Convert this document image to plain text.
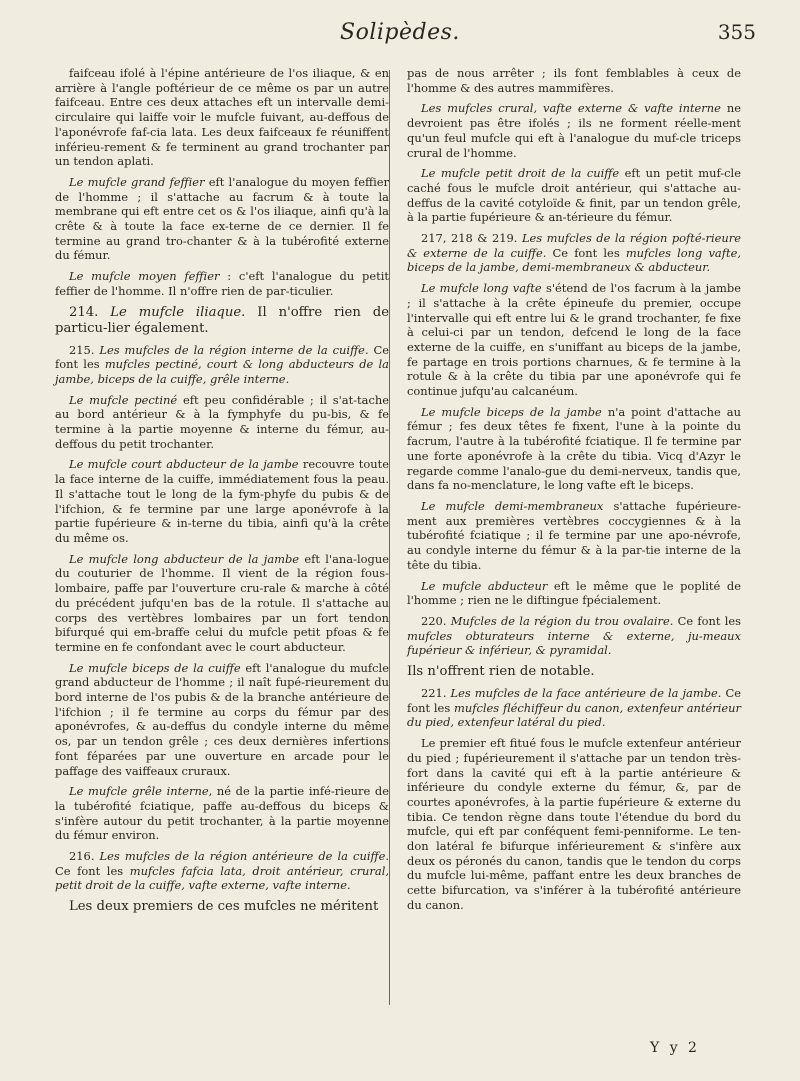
Solipèdes.	355

faifceau ifolé à l'épine antérieure de l'os iliaque, & en arrière à l'angle poftérieur de ce même os par un autre faifceau. Entre ces deux attaches eft un intervalle demi-circulaire qui laiffe voir le mufcle fuivant, au-deffous de l'aponévrofe faf-cia lata. Les deux faifceaux fe réuniffent inférieu-rement & fe terminent au grand trochanter par un tendon aplati.

Le mufcle grand feffier eft l'analogue du moyen feffier de l'homme ; il s'attache au facrum & à toute la membrane qui eft entre cet os & l'os iliaque, ainfi qu'à la crête & à toute la face ex-terne de ce dernier. Il fe termine au grand tro-chanter & à la tubérofité externe du fémur.

Le mufcle moyen feffier : c'eft l'analogue du petit feffier de l'homme. Il n'offre rien de par-ticulier.

214. Le mufcle iliaque. Il n'offre rien de particu-lier également.

215. Les mufcles de la région interne de la cuiffe. Ce font les mufcles pectiné, court & long abducteurs de la jambe, biceps de la cuiffe, grêle interne.

Le mufcle pectiné eft peu confidérable ; il s'at-tache au bord antérieur & à la fymphyfe du pu-bis, & fe termine à la partie moyenne & interne du fémur, au-deffous du petit trochanter.

Le mufcle court abducteur de la jambe recouvre toute la face interne de la cuiffe, immédiatement fous la peau. Il s'attache tout le long de la fym-phyfe du pubis & de l'ifchion, & fe termine par une large aponévrofe à la partie fupérieure & in-terne du tibia, ainfi qu'à la crête du même os.

Le mufcle long abducteur de la jambe eft l'ana-logue du couturier de l'homme. Il vient de la région fous-lombaire, paffe par l'ouverture cru-rale & marche à côté du précédent jufqu'en bas de la rotule. Il s'attache au corps des vertèbres lombaires par un fort tendon bifurqué qui em-braffe celui du mufcle petit pfoas & fe termine en fe confondant avec le court abducteur.

Le mufcle biceps de la cuiffe eft l'analogue du mufcle grand abducteur de l'homme ; il naît fupé-rieurement du bord interne de l'os pubis & de la branche antérieure de l'ifchion ; il fe termine au corps du fémur par des aponévrofes, & au-deffus du condyle interne du même os, par un tendon grêle ; ces deux dernières infertions font féparées par une ouverture en arcade pour le paffage des vaiffeaux cruraux.

Le mufcle grêle interne, né de la partie infé-rieure de la tubérofité fciatique, paffe au-deffous du biceps & s'infère autour du petit trochanter, à la partie moyenne du fémur environ.

216. Les mufcles de la région antérieure de la cuiffe. Ce font les mufcles fafcia lata, droit antérieur, crural, petit droit de la cuiffe, vafte externe, vafte interne.

Les deux premiers de ces mufcles ne méritent

pas de nous arrêter ; ils font femblables à ceux de l'homme & des autres mammifères.

Les mufcles crural, vafte externe & vafte interne ne devroient pas être ifolés ; ils ne forment réelle-ment qu'un feul mufcle qui eft à l'analogue du muf-cle triceps crural de l'homme.

Le mufcle petit droit de la cuiffe eft un petit muf-cle caché fous le mufcle droit antérieur, qui s'attache au-deffus de la cavité cotyloïde & finit, par un tendon grêle, à la partie fupérieure & an-térieure du fémur.

217, 218 & 219. Les mufcles de la région pofté-rieure & externe de la cuiffe. Ce font les mufcles long vafte, biceps de la jambe, demi-membraneux & abducteur.

Le mufcle long vafte s'étend de l'os facrum à la jambe ; il s'attache à la crête épineufe du premier, occupe l'intervalle qui eft entre lui & le grand trochanter, fe fixe à celui-ci par un tendon, defcend le long de la face externe de la cuiffe, en s'uniffant au biceps de la jambe, fe partage en trois portions charnues, & fe termine à la rotule & à la crête du tibia par une aponévrofe qui fe continue jufqu'au calcanéum.

Le mufcle biceps de la jambe n'a point d'attache au fémur ; fes deux têtes fe fixent, l'une à la pointe du facrum, l'autre à la tubérofité fciatique. Il fe termine par une forte aponévrofe à la crête du tibia. Vicq d'Azyr le regarde comme l'analo-gue du demi-nerveux, tandis que, dans fa no-menclature, le long vafte eft le biceps.

Le mufcle demi-membraneux s'attache fupérieure-ment aux premières vertèbres coccygiennes & à la tubérofité fciatique ; il fe termine par une apo-névrofe, au condyle interne du fémur & à la par-tie interne de la tête du tibia.

Le mufcle abducteur eft le même que le poplité de l'homme ; rien ne le diftingue fpécialement.

220. Mufcles de la région du trou ovalaire. Ce font les mufcles obturateurs interne & externe, ju-meaux fupérieur & inférieur, & pyramidal.

Ils n'offrent rien de notable.

221. Les mufcles de la face antérieure de la jambe. Ce font les mufcles fléchiffeur du canon, extenfeur antérieur du pied, extenfeur latéral du pied.

Le premier eft fitué fous le mufcle extenfeur antérieur du pied ; fupérieurement il s'attache par un tendon très-fort dans la cavité qui eft à la partie antérieure & inférieure du condyle externe du fémur, &, par de courtes aponévrofes, à la partie fupérieure & externe du tibia. Ce tendon règne dans toute l'étendue du bord du mufcle, qui eft par conféquent femi-penniforme. Le ten-don latéral fe bifurque inférieurement & s'infère aux deux os péronés du canon, tandis que le tendon du corps du mufcle lui-même, paffant entre les deux branches de cette bifurcation, va s'inférer à la tubérofité antérieure du canon.

Y y 2
